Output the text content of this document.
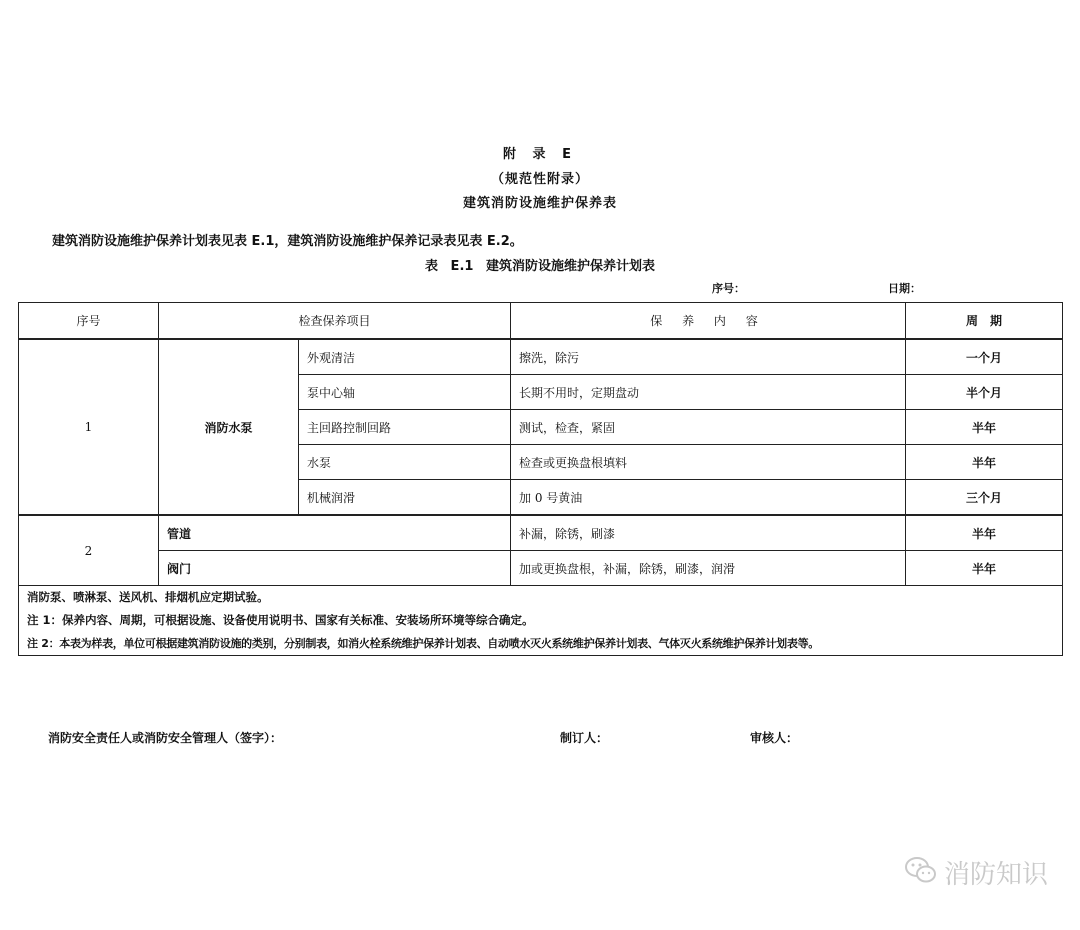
附 录 E
（规范性附录）
建筑消防设施维护保养表
建筑消防设施维护保养计划表见表 E.1，建筑消防设施维护保养记录表见表 E.2。
表 E.1 建筑消防设施维护保养计划表
序号：	日期：
序号	检查保养项目		保 养 内 容	周　期
1	消防水泵	外观清洁	擦洗，除污	一个月
		泵中心轴	长期不用时，定期盘动	半个月
		主回路控制回路	测试，检查，紧固	半年
		水泵	检查或更换盘根填料	半年
		机械润滑	加 0 号黄油	三个月
2	管道		补漏，除锈，刷漆	半年
	阀门		加或更换盘根，补漏，除锈，刷漆，润滑	半年

消防泵、喷淋泵、送风机、排烟机应定期试验。
注 1：保养内容、周期，可根据设施、设备使用说明书、国家有关标准、安装场所环境等综合确定。
注 2：本表为样表，单位可根据建筑消防设施的类别，分别制表，如消火栓系统维护保养计划表、自动喷水灭火系统维护保养计划表、气体灭火系统维护保养计划表等。				
消防安全责任人或消防安全管理人（签字）：	制订人：	审核人：
消防知识
